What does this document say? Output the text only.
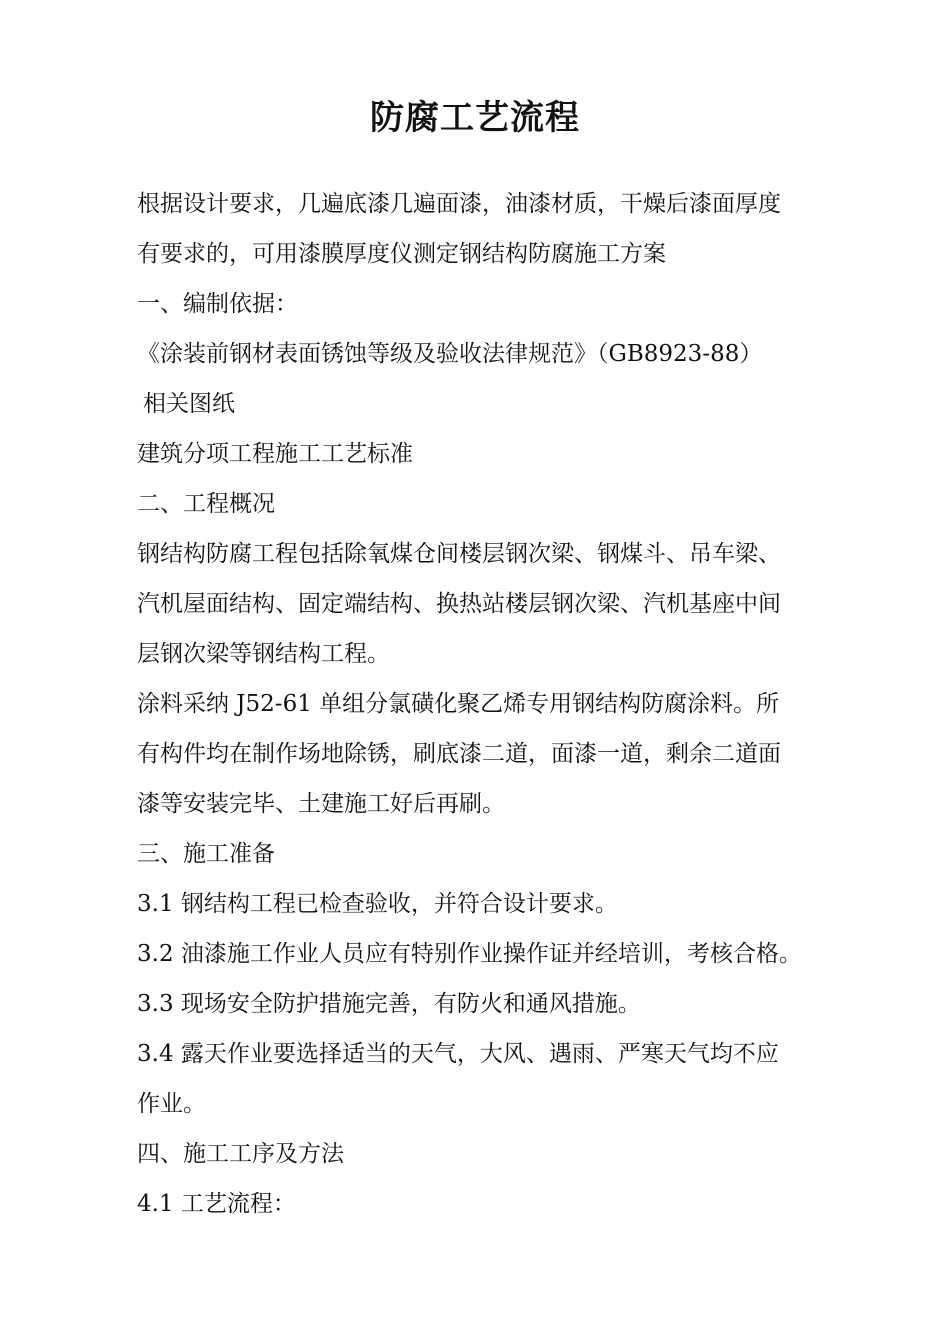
防腐工艺流程
根据设计要求，几遍底漆几遍面漆，油漆材质，干燥后漆面厚度
有要求的，可用漆膜厚度仪测定钢结构防腐施工方案
一、编制依据：
《涂装前钢材表面锈蚀等级及验收法律规范》（GB8923-88）
相关图纸
建筑分项工程施工工艺标准
二、工程概况
钢结构防腐工程包括除氧煤仓间楼层钢次梁、钢煤斗、吊车梁、
汽机屋面结构、固定端结构、换热站楼层钢次梁、汽机基座中间
层钢次梁等钢结构工程。
涂料采纳 J52-61 单组分氯磺化聚乙烯专用钢结构防腐涂料。所
有构件均在制作场地除锈，刷底漆二道，面漆一道，剩余二道面
漆等安装完毕、土建施工好后再刷。
三、施工准备
3.1 钢结构工程已检查验收，并符合设计要求。
3.2 油漆施工作业人员应有特别作业操作证并经培训，考核合格。
3.3 现场安全防护措施完善，有防火和通风措施。
3.4 露天作业要选择适当的天气，大风、遇雨、严寒天气均不应
作业。
四、施工工序及方法
4.1 工艺流程：
